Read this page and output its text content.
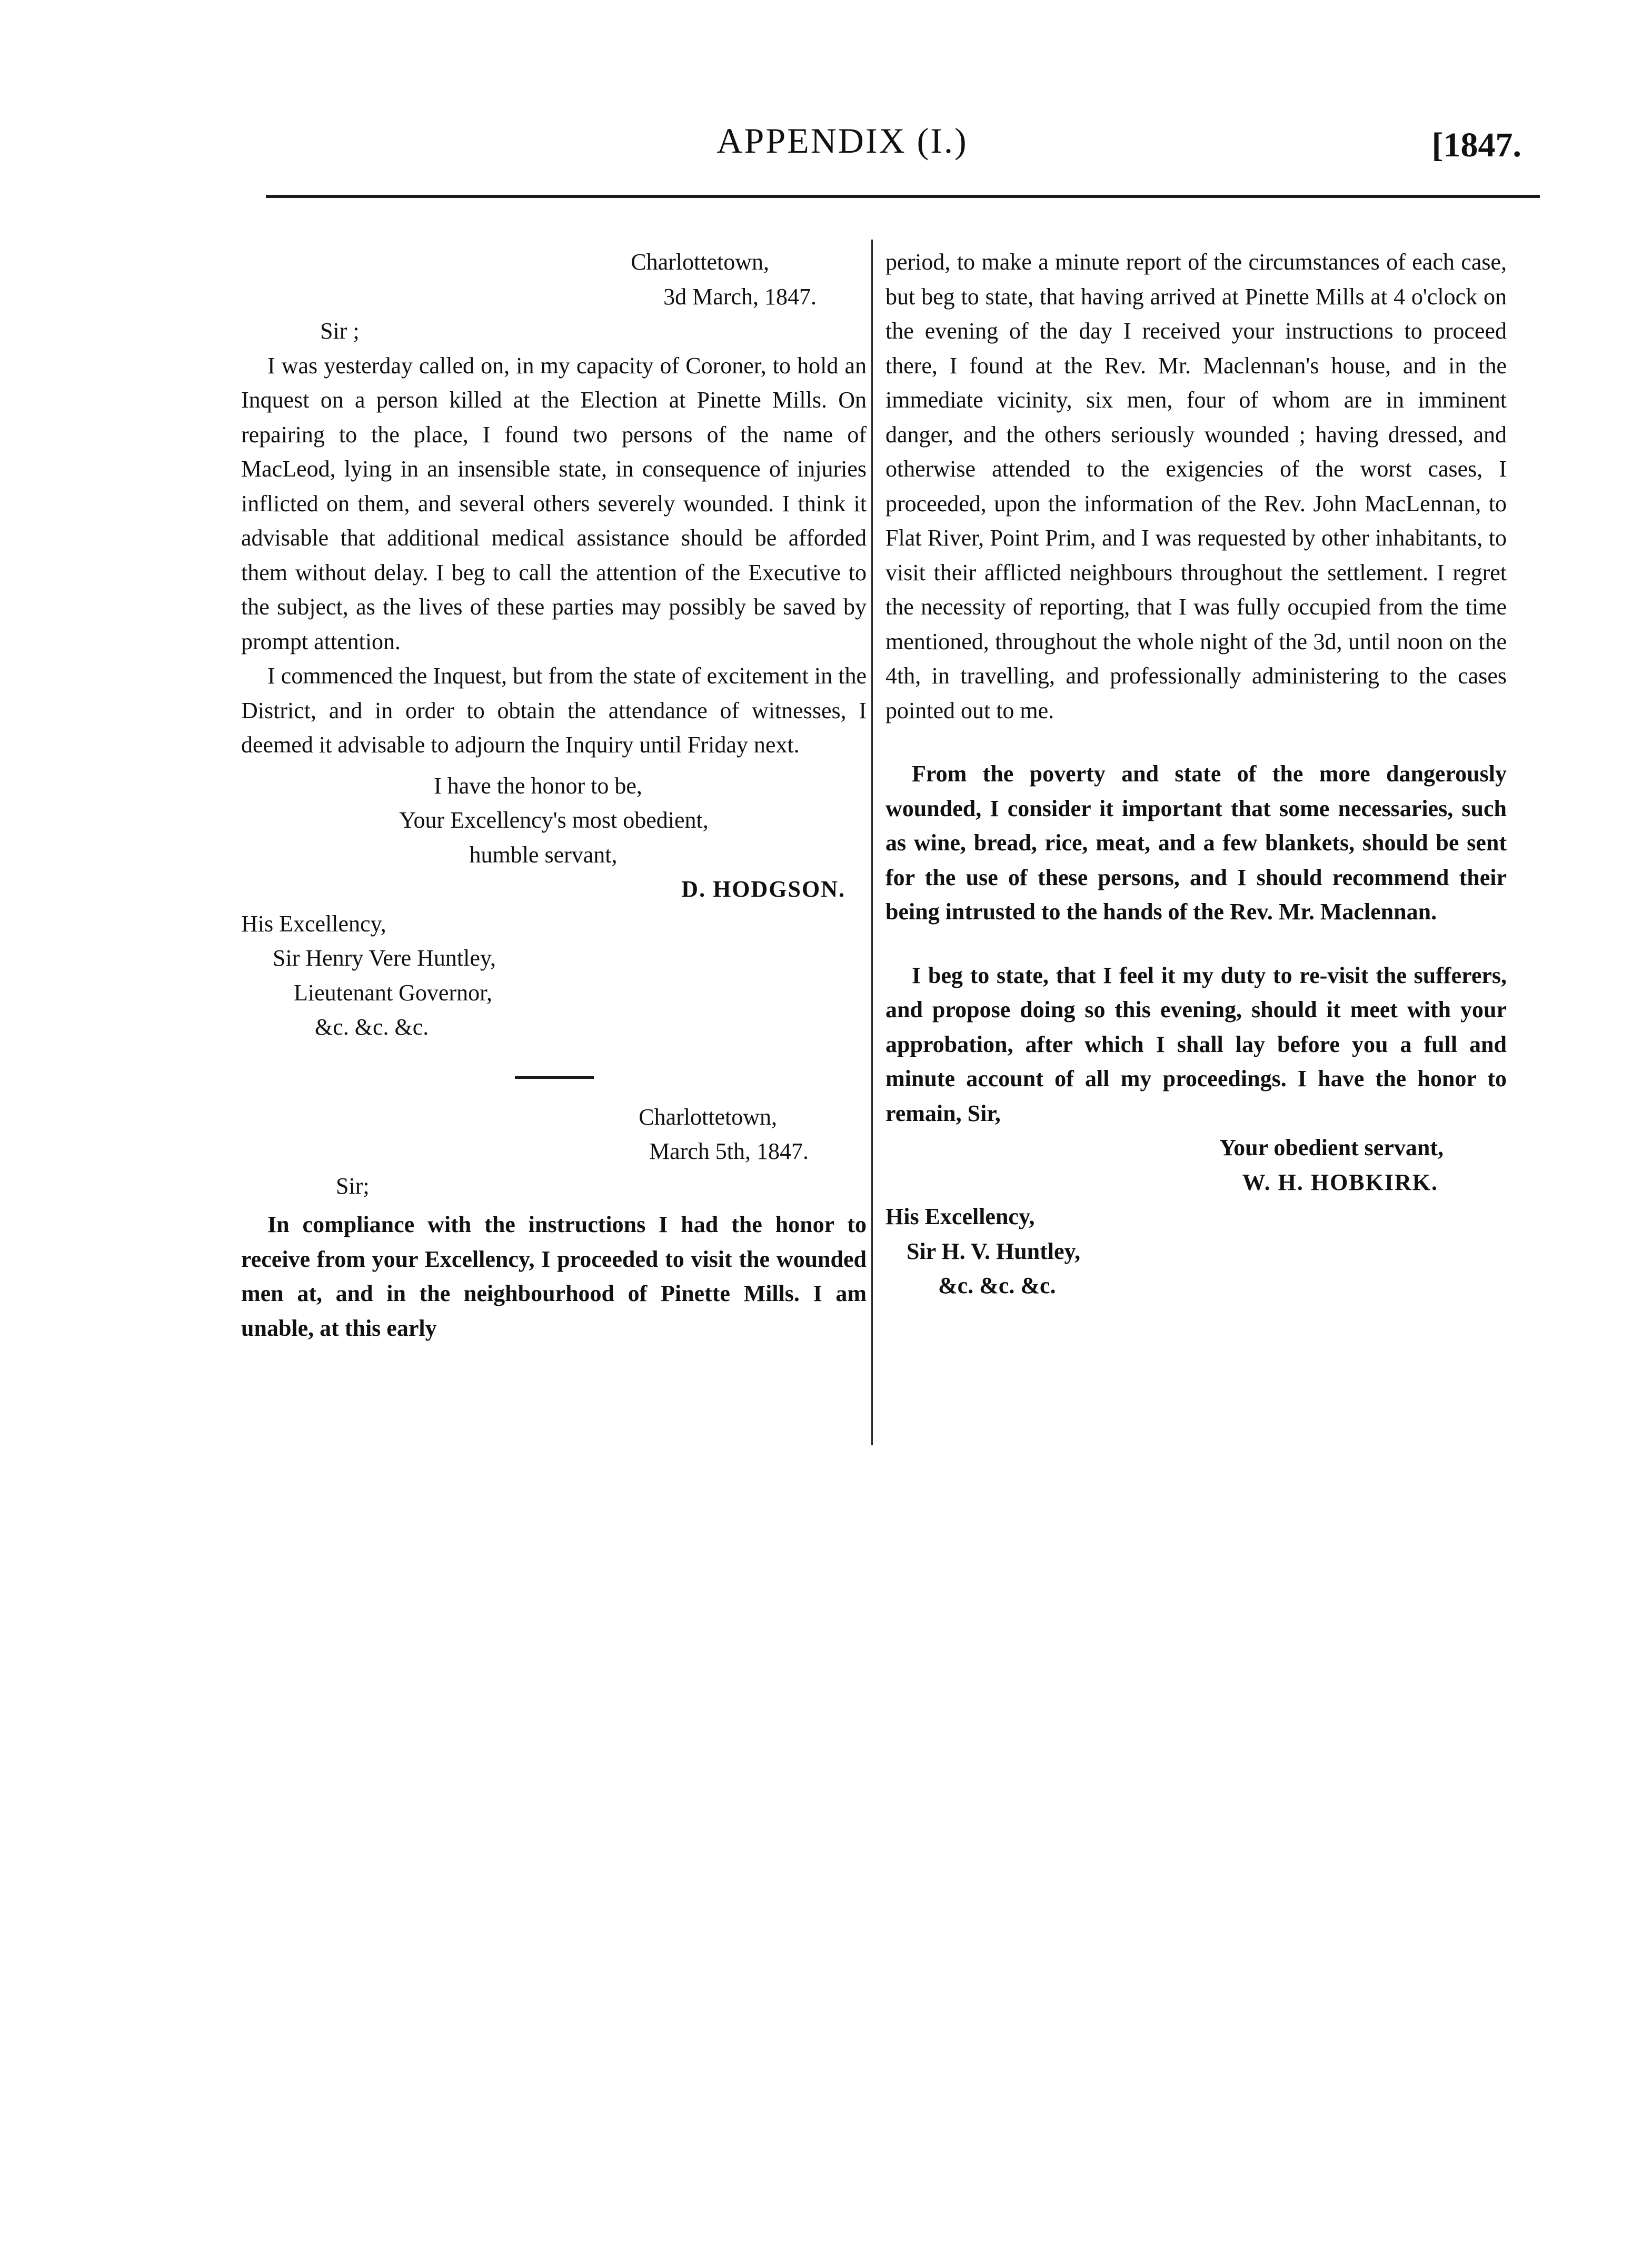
APPENDIX (I.)	[1847.
Charlottetown,
3d March, 1847.
Sir ;

I was yesterday called on, in my capacity of Coroner, to hold an Inquest on a person killed at the Election at Pinette Mills. On repairing to the place, I found two persons of the name of MacLeod, lying in an insensible state, in consequence of injuries inflicted on them, and several others severely wounded. I think it advisable that additional medical assistance should be afforded them without delay. I beg to call the attention of the Executive to the subject, as the lives of these parties may possibly be saved by prompt attention.

I commenced the Inquest, but from the state of excitement in the District, and in order to obtain the attendance of witnesses, I deemed it advisable to adjourn the Inquiry until Friday next.

I have the honor to be,
Your Excellency's most obedient,
humble servant,
D. HODGSON.
His Excellency,
Sir Henry Vere Huntley,
Lieutenant Governor,
&c. &c. &c.
Charlottetown,
March 5th, 1847.
Sir;

In compliance with the instructions I had the honor to receive from your Excellency, I proceeded to visit the wounded men at, and in the neighbourhood of Pinette Mills. I am unable, at this early

period, to make a minute report of the circumstances of each case, but beg to state, that having arrived at Pinette Mills at 4 o'clock on the evening of the day I received your instructions to proceed there, I found at the Rev. Mr. Maclennan's house, and in the immediate vicinity, six men, four of whom are in imminent danger, and the others seriously wounded ; having dressed, and otherwise attended to the exigencies of the worst cases, I proceeded, upon the information of the Rev. John MacLennan, to Flat River, Point Prim, and I was requested by other inhabitants, to visit their afflicted neighbours throughout the settlement. I regret the necessity of reporting, that I was fully occupied from the time mentioned, throughout the whole night of the 3d, until noon on the 4th, in travelling, and professionally administering to the cases pointed out to me.

From the poverty and state of the more dangerously wounded, I consider it important that some necessaries, such as wine, bread, rice, meat, and a few blankets, should be sent for the use of these persons, and I should recommend their being intrusted to the hands of the Rev. Mr. Maclennan.

I beg to state, that I feel it my duty to re-visit the sufferers, and propose doing so this evening, should it meet with your approbation, after which I shall lay before you a full and minute account of all my proceedings. I have the honor to remain, Sir,

Your obedient servant,
W. H. HOBKIRK.
His Excellency,
Sir H. V. Huntley,
&c. &c. &c.
